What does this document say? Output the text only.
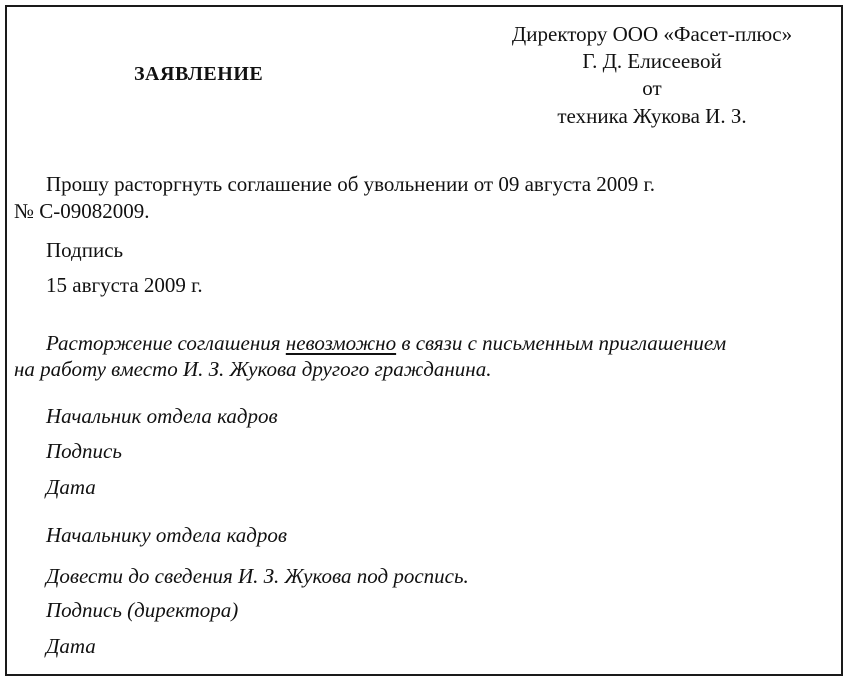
Директору ООО «Фасет-плюс»
Г. Д. Елисеевой
от
техника Жукова И. З.
ЗАЯВЛЕНИЕ
Прошу расторгнуть соглашение об увольнении от 09 августа 2009 г.
№ С-09082009.
Подпись
15 августа 2009 г.
Расторжение соглашения невозможно в связи с письменным приглашением
на работу вместо И. З. Жукова другого гражданина.
Начальник отдела кадров
Подпись
Дата
Начальнику отдела кадров
Довести до сведения И. З. Жукова под роспись.
Подпись (директора)
Дата
